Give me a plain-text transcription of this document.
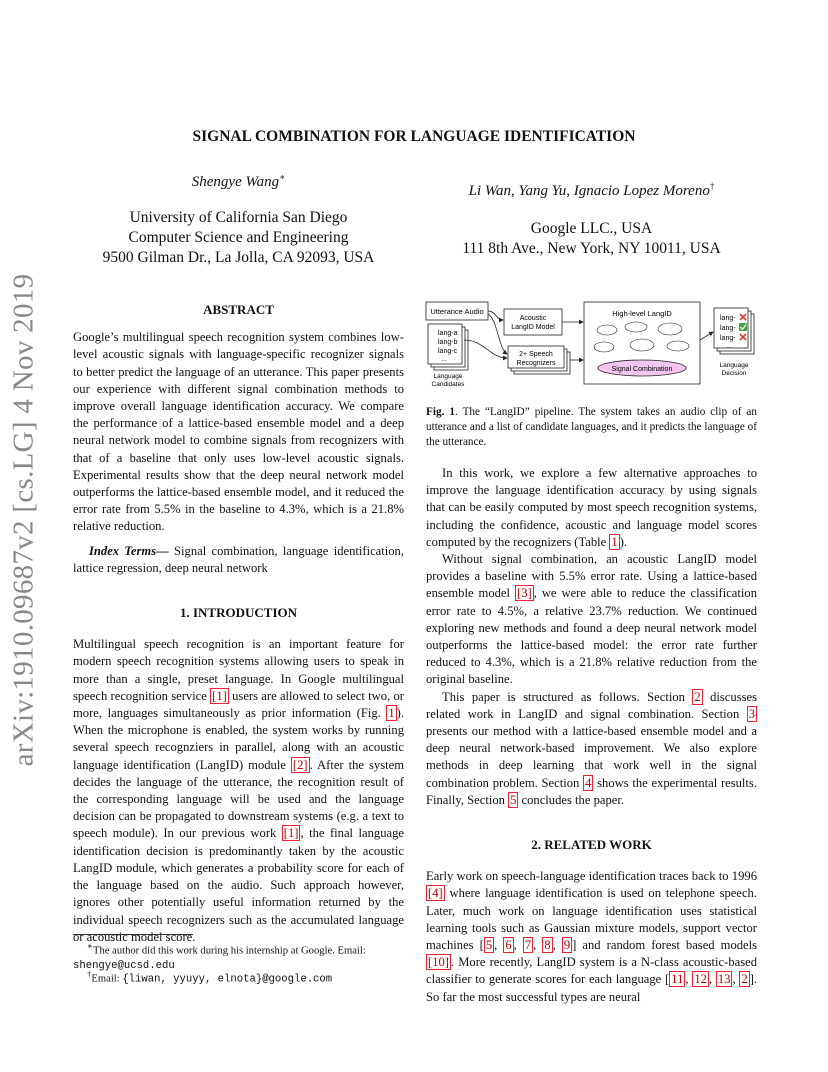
arXiv:1910.09687v2 [cs.LG] 4 Nov 2019
SIGNAL COMBINATION FOR LANGUAGE IDENTIFICATION
Shengye Wang∗
University of California San Diego
Computer Science and Engineering
9500 Gilman Dr., La Jolla, CA 92093, USA
Li Wan, Yang Yu, Ignacio Lopez Moreno†
Google LLC., USA
111 8th Ave., New York, NY 10011, USA
ABSTRACT

Google’s multilingual speech recognition system combines low-level acoustic signals with language-specific recognizer signals to better predict the language of an utterance. This paper presents our experience with different signal combination methods to improve overall language identification accuracy. We compare the performance of a lattice-based ensemble model and a deep neural network model to combine signals from recognizers with that of a baseline that only uses low-level acoustic signals. Experimental results show that the deep neural network model outperforms the lattice-based ensemble model, and it reduced the error rate from 5.5% in the baseline to 4.3%, which is a 21.8% relative reduction.

Index Terms— Signal combination, language identification, lattice regression, deep neural network

1. INTRODUCTION

Multilingual speech recognition is an important feature for modern speech recognition systems allowing users to speak in more than a single, preset language. In Google multilingual speech recognition service [1] users are allowed to select two, or more, languages simultaneously as prior information (Fig. 1 ). When the microphone is enabled, the system works by running several speech recognziers in parallel, along with an acoustic language identification (LangID) module [2] . After the system decides the language of the utterance, the recognition result of the corresponding language will be used and the language decision can be propagated to downstream systems (e.g. a text to speech module). In our previous work [1] , the final language identification decision is predominantly taken by the acoustic LangID module, which generates a probability score for each of the language based on the audio. Such approach however, ignores other potentially useful information returned by the individual speech recognizers such as the accumulated language or acoustic model score.

∗The author did this work during his internship at Google. Email: shengye@ucsd.edu
†Email: {liwan, yyuyy, elnota}@google.com
Utterance Audio
lang-a
lang-b
lang-c
...
Language
Candidates
Acoustic
LangID Model
2+ Speech
Recognizers
High-level LangID
Signal Combination
lang-
lang-
lang-
...
Language
Decision
Fig. 1. The “LangID” pipeline. The system takes an audio clip of an utterance and a list of candidate languages, and it predicts the language of the utterance.

In this work, we explore a few alternative approaches to improve the language identification accuracy by using signals that can be easily computed by most speech recognition systems, including the confidence, acoustic and language model scores computed by the recognizers (Table 1 ).

Without signal combination, an acoustic LangID model provides a baseline with 5.5% error rate. Using a lattice-based ensemble model [3] , we were able to reduce the classification error rate to 4.5%, a relative 23.7% reduction. We continued exploring new methods and found a deep neural network model outperforms the lattice-based model: the error rate further reduced to 4.3%, which is a 21.8% relative reduction from the original baseline.

This paper is structured as follows. Section 2 discusses related work in LangID and signal combination. Section 3 presents our method with a lattice-based ensemble model and a deep neural network-based improvement. We also explore methods in deep learning that work well in the signal combination problem. Section 4 shows the experimental results. Finally, Section 5 concludes the paper.

2. RELATED WORK

Early work on speech-language identification traces back to 1996 [4] where language identification is used on telephone speech. Later, much work on language identification uses statistical learning tools such as Gaussian mixture models, support vector machines [ 5 , 6 , 7 , 8 , 9 ] and random forest based models [10] . More recently, LangID system is a N-class acoustic-based classifier to generate scores for each language [ 11 , 12 , 13 , 2 ]. So far the most successful types are neural
